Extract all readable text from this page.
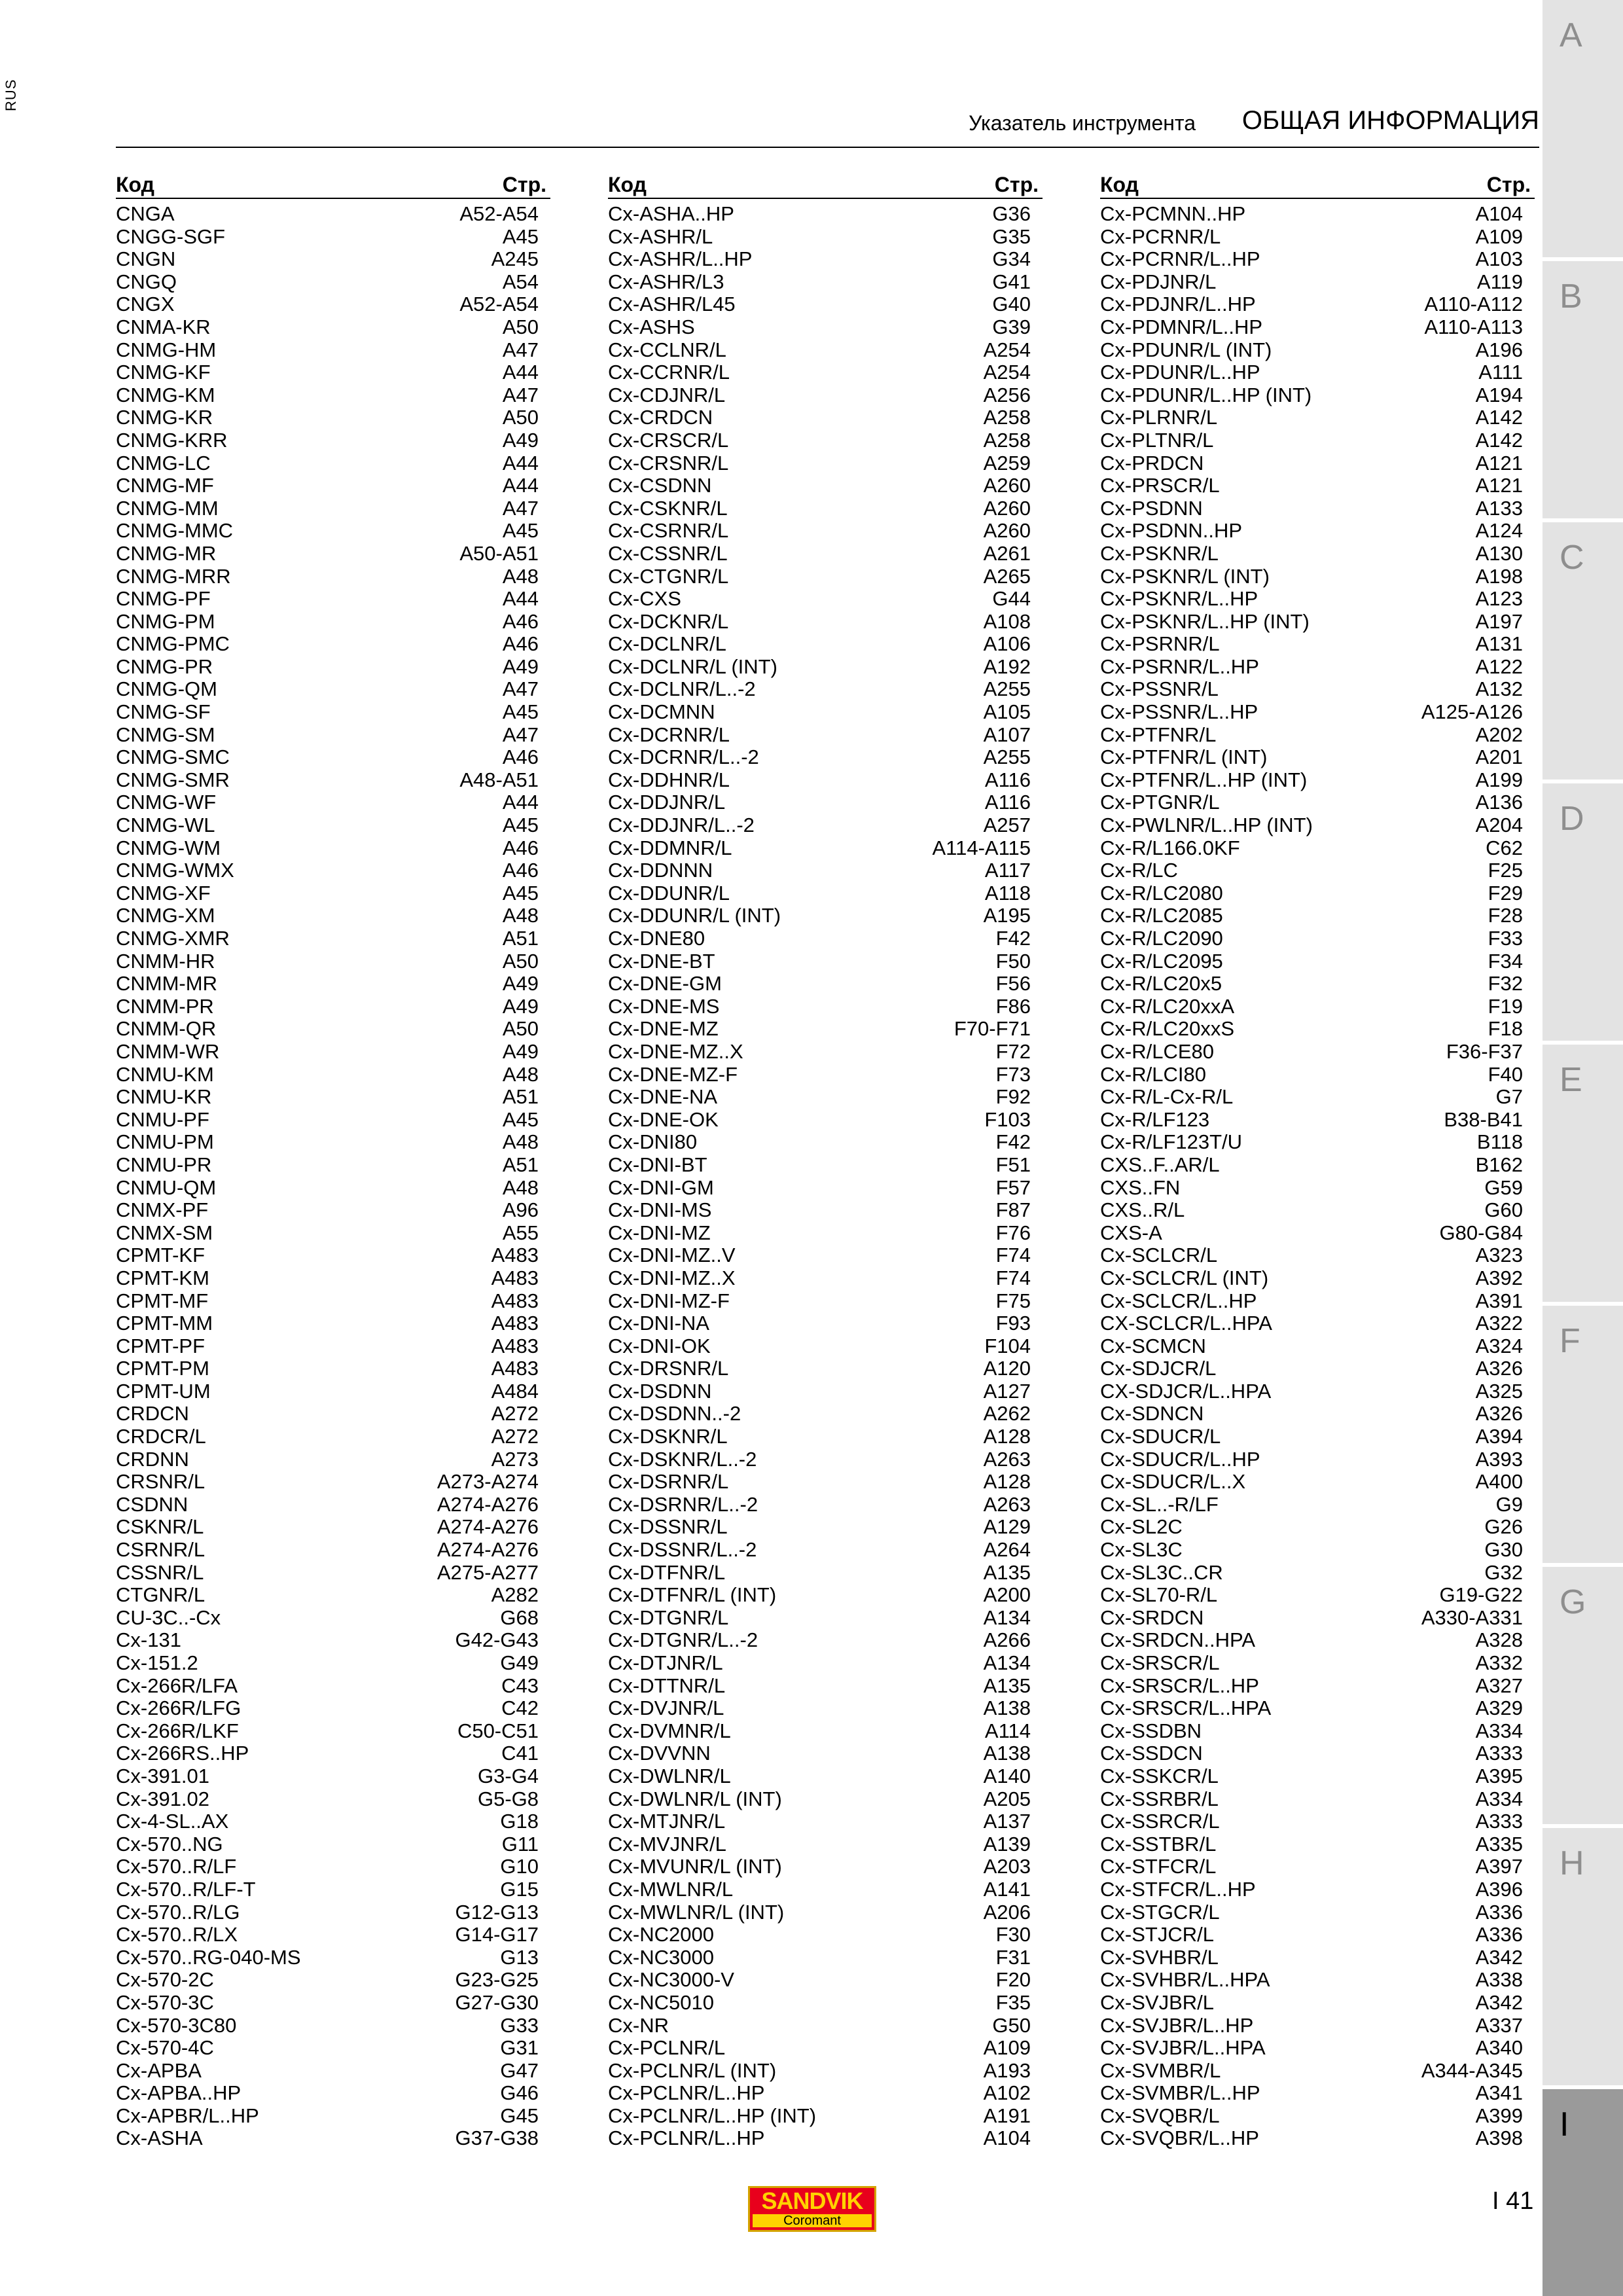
RUS
A
B
C
D
E
F
G
H
I
Указатель инструмента ОБЩАЯ ИНФОРМАЦИЯ
Код	Стр.
CNGA	A52-A54
CNGG-SGF	A45
CNGN	A245
CNGQ	A54
CNGX	A52-A54
CNMA-KR	A50
CNMG-HM	A47
CNMG-KF	A44
CNMG-KM	A47
CNMG-KR	A50
CNMG-KRR	A49
CNMG-LC	A44
CNMG-MF	A44
CNMG-MM	A47
CNMG-MMC	A45
CNMG-MR	A50-A51
CNMG-MRR	A48
CNMG-PF	A44
CNMG-PM	A46
CNMG-PMC	A46
CNMG-PR	A49
CNMG-QM	A47
CNMG-SF	A45
CNMG-SM	A47
CNMG-SMC	A46
CNMG-SMR	A48-A51
CNMG-WF	A44
CNMG-WL	A45
CNMG-WM	A46
CNMG-WMX	A46
CNMG-XF	A45
CNMG-XM	A48
CNMG-XMR	A51
CNMM-HR	A50
CNMM-MR	A49
CNMM-PR	A49
CNMM-QR	A50
CNMM-WR	A49
CNMU-KM	A48
CNMU-KR	A51
CNMU-PF	A45
CNMU-PM	A48
CNMU-PR	A51
CNMU-QM	A48
CNMX-PF	A96
CNMX-SM	A55
CPMT-KF	A483
CPMT-KM	A483
CPMT-MF	A483
CPMT-MM	A483
CPMT-PF	A483
CPMT-PM	A483
CPMT-UM	A484
CRDCN	A272
CRDCR/L	A272
CRDNN	A273
CRSNR/L	A273-A274
CSDNN	A274-A276
CSKNR/L	A274-A276
CSRNR/L	A274-A276
CSSNR/L	A275-A277
CTGNR/L	A282
CU-3C..-Cx	G68
Cx-131	G42-G43
Cx-151.2	G49
Cx-266R/LFA	C43
Cx-266R/LFG	C42
Cx-266R/LKF	C50-C51
Cx-266RS..HP	C41
Cx-391.01	G3-G4
Cx-391.02	G5-G8
Cx-4-SL..AX	G18
Cx-570..NG	G11
Cx-570..R/LF	G10
Cx-570..R/LF-T	G15
Cx-570..R/LG	G12-G13
Cx-570..R/LX	G14-G17
Cx-570..RG-040-MS	G13
Cx-570-2C	G23-G25
Cx-570-3C	G27-G30
Cx-570-3C80	G33
Cx-570-4C	G31
Cx-APBA	G47
Cx-APBA..HP	G46
Cx-APBR/L..HP	G45
Cx-ASHA	G37-G38
Код	Стр.
Cx-ASHA..HP	G36
Cx-ASHR/L	G35
Cx-ASHR/L..HP	G34
Cx-ASHR/L3	G41
Cx-ASHR/L45	G40
Cx-ASHS	G39
Cx-CCLNR/L	A254
Cx-CCRNR/L	A254
Cx-CDJNR/L	A256
Cx-CRDCN	A258
Cx-CRSCR/L	A258
Cx-CRSNR/L	A259
Cx-CSDNN	A260
Cx-CSKNR/L	A260
Cx-CSRNR/L	A260
Cx-CSSNR/L	A261
Cx-CTGNR/L	A265
Cx-CXS	G44
Cx-DCKNR/L	A108
Cx-DCLNR/L	A106
Cx-DCLNR/L (INT)	A192
Cx-DCLNR/L..-2	A255
Cx-DCMNN	A105
Cx-DCRNR/L	A107
Cx-DCRNR/L..-2	A255
Cx-DDHNR/L	A116
Cx-DDJNR/L	A116
Cx-DDJNR/L..-2	A257
Cx-DDMNR/L	A114-A115
Cx-DDNNN	A117
Cx-DDUNR/L	A118
Cx-DDUNR/L (INT)	A195
Cx-DNE80	F42
Cx-DNE-BT	F50
Cx-DNE-GM	F56
Cx-DNE-MS	F86
Cx-DNE-MZ	F70-F71
Cx-DNE-MZ..X	F72
Cx-DNE-MZ-F	F73
Cx-DNE-NA	F92
Cx-DNE-OK	F103
Cx-DNI80	F42
Cx-DNI-BT	F51
Cx-DNI-GM	F57
Cx-DNI-MS	F87
Cx-DNI-MZ	F76
Cx-DNI-MZ..V	F74
Cx-DNI-MZ..X	F74
Cx-DNI-MZ-F	F75
Cx-DNI-NA	F93
Cx-DNI-OK	F104
Cx-DRSNR/L	A120
Cx-DSDNN	A127
Cx-DSDNN..-2	A262
Cx-DSKNR/L	A128
Cx-DSKNR/L..-2	A263
Cx-DSRNR/L	A128
Cx-DSRNR/L..-2	A263
Cx-DSSNR/L	A129
Cx-DSSNR/L..-2	A264
Cx-DTFNR/L	A135
Cx-DTFNR/L (INT)	A200
Cx-DTGNR/L	A134
Cx-DTGNR/L..-2	A266
Cx-DTJNR/L	A134
Cx-DTTNR/L	A135
Cx-DVJNR/L	A138
Cx-DVMNR/L	A114
Cx-DVVNN	A138
Cx-DWLNR/L	A140
Cx-DWLNR/L (INT)	A205
Cx-MTJNR/L	A137
Cx-MVJNR/L	A139
Cx-MVUNR/L (INT)	A203
Cx-MWLNR/L	A141
Cx-MWLNR/L (INT)	A206
Cx-NC2000	F30
Cx-NC3000	F31
Cx-NC3000-V	F20
Cx-NC5010	F35
Cx-NR	G50
Cx-PCLNR/L	A109
Cx-PCLNR/L (INT)	A193
Cx-PCLNR/L..HP	A102
Cx-PCLNR/L..HP (INT)	A191
Cx-PCLNR/L..HP	A104
Код	Стр.
Cx-PCMNN..HP	A104
Cx-PCRNR/L	A109
Cx-PCRNR/L..HP	A103
Cx-PDJNR/L	A119
Cx-PDJNR/L..HP	A110-A112
Cx-PDMNR/L..HP	A110-A113
Cx-PDUNR/L (INT)	A196
Cx-PDUNR/L..HP	A111
Cx-PDUNR/L..HP (INT)	A194
Cx-PLRNR/L	A142
Cx-PLTNR/L	A142
Cx-PRDCN	A121
Cx-PRSCR/L	A121
Cx-PSDNN	A133
Cx-PSDNN..HP	A124
Cx-PSKNR/L	A130
Cx-PSKNR/L (INT)	A198
Cx-PSKNR/L..HP	A123
Cx-PSKNR/L..HP (INT)	A197
Cx-PSRNR/L	A131
Cx-PSRNR/L..HP	A122
Cx-PSSNR/L	A132
Cx-PSSNR/L..HP	A125-A126
Cx-PTFNR/L	A202
Cx-PTFNR/L (INT)	A201
Cx-PTFNR/L..HP (INT)	A199
Cx-PTGNR/L	A136
Cx-PWLNR/L..HP (INT)	A204
Cx-R/L166.0KF	C62
Cx-R/LC	F25
Cx-R/LC2080	F29
Cx-R/LC2085	F28
Cx-R/LC2090	F33
Cx-R/LC2095	F34
Cx-R/LC20x5	F32
Cx-R/LC20xxA	F19
Cx-R/LC20xxS	F18
Cx-R/LCE80	F36-F37
Cx-R/LCI80	F40
Cx-R/L-Cx-R/L	G7
Cx-R/LF123	B38-B41
Cx-R/LF123T/U	B118
CXS..F..AR/L	B162
CXS..FN	G59
CXS..R/L	G60
CXS-A	G80-G84
Cx-SCLCR/L	A323
Cx-SCLCR/L (INT)	A392
Cx-SCLCR/L..HP	A391
CX-SCLCR/L..HPA	A322
Cx-SCMCN	A324
Cx-SDJCR/L	A326
CX-SDJCR/L..HPA	A325
Cx-SDNCN	A326
Cx-SDUCR/L	A394
Cx-SDUCR/L..HP	A393
Cx-SDUCR/L..X	A400
Cx-SL..-R/LF	G9
Cx-SL2C	G26
Cx-SL3C	G30
Cx-SL3C..CR	G32
Cx-SL70-R/L	G19-G22
Cx-SRDCN	A330-A331
Cx-SRDCN..HPA	A328
Cx-SRSCR/L	A332
Cx-SRSCR/L..HP	A327
Cx-SRSCR/L..HPA	A329
Cx-SSDBN	A334
Cx-SSDCN	A333
Cx-SSKCR/L	A395
Cx-SSRBR/L	A334
Cx-SSRCR/L	A333
Cx-SSTBR/L	A335
Cx-STFCR/L	A397
Cx-STFCR/L..HP	A396
Cx-STGCR/L	A336
Cx-STJCR/L	A336
Cx-SVHBR/L	A342
Cx-SVHBR/L..HPA	A338
Cx-SVJBR/L	A342
Cx-SVJBR/L..HP	A337
Cx-SVJBR/L..HPA	A340
Cx-SVMBR/L	A344-A345
Cx-SVMBR/L..HP	A341
Cx-SVQBR/L	A399
Cx-SVQBR/L..HP	A398
SANDVIK
Coromant
I 41
